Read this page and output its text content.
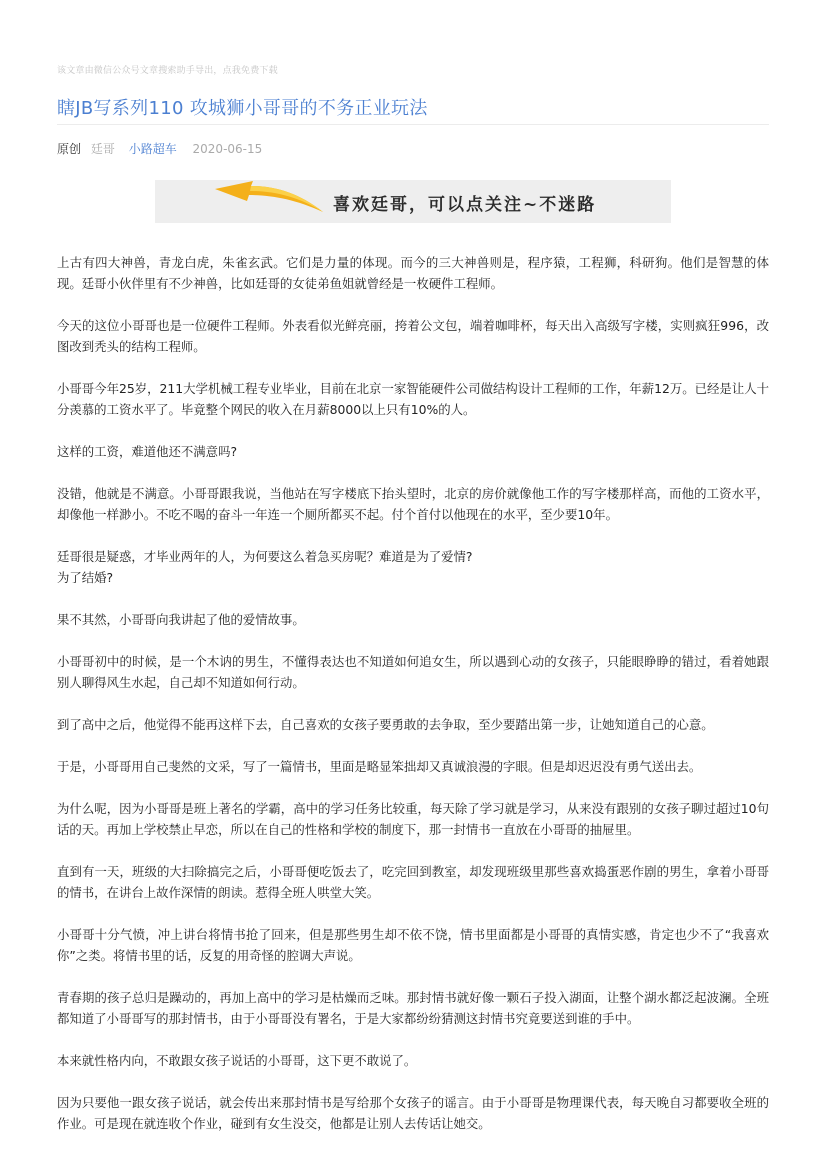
该文章由微信公众号文章搜索助手导出，点我免费下载
瞎JB写系列110 攻城狮小哥哥的不务正业玩法
原创 廷哥 小路超车 2020-06-15
喜欢廷哥，可以点关注~不迷路

上古有四大神兽，青龙白虎，朱雀玄武。它们是力量的体现。而今的三大神兽则是，程序猿，工程狮，科研狗。他们是智慧的体现。廷哥小伙伴里有不少神兽，比如廷哥的女徒弟鱼姐就曾经是一枚硬件工程师。

今天的这位小哥哥也是一位硬件工程师。外表看似光鲜亮丽，挎着公文包，端着咖啡杯，每天出入高级写字楼，实则疯狂996，改图改到秃头的结构工程师。

小哥哥今年25岁，211大学机械工程专业毕业，目前在北京一家智能硬件公司做结构设计工程师的工作，年薪12万。已经是让人十分羡慕的工资水平了。毕竟整个网民的收入在月薪8000以上只有10%的人。

这样的工资，难道他还不满意吗?

没错，他就是不满意。小哥哥跟我说，当他站在写字楼底下抬头望时，北京的房价就像他工作的写字楼那样高，而他的工资水平，却像他一样渺小。不吃不喝的奋斗一年连一个厕所都买不起。付个首付以他现在的水平，至少要10年。

廷哥很是疑惑，才毕业两年的人，为何要这么着急买房呢？难道是为了爱情?
为了结婚?

果不其然，小哥哥向我讲起了他的爱情故事。

小哥哥初中的时候，是一个木讷的男生，不懂得表达也不知道如何追女生，所以遇到心动的女孩子，只能眼睁睁的错过，看着她跟别人聊得风生水起，自己却不知道如何行动。

到了高中之后，他觉得不能再这样下去，自己喜欢的女孩子要勇敢的去争取，至少要踏出第一步，让她知道自己的心意。

于是，小哥哥用自己斐然的文采，写了一篇情书，里面是略显笨拙却又真诚浪漫的字眼。但是却迟迟没有勇气送出去。

为什么呢，因为小哥哥是班上著名的学霸，高中的学习任务比较重，每天除了学习就是学习，从来没有跟别的女孩子聊过超过10句话的天。再加上学校禁止早恋，所以在自己的性格和学校的制度下，那一封情书一直放在小哥哥的抽屉里。

直到有一天，班级的大扫除搞完之后，小哥哥便吃饭去了，吃完回到教室，却发现班级里那些喜欢捣蛋恶作剧的男生，拿着小哥哥的情书，在讲台上故作深情的朗读。惹得全班人哄堂大笑。

小哥哥十分气愤，冲上讲台将情书抢了回来，但是那些男生却不依不饶，情书里面都是小哥哥的真情实感，肯定也少不了“我喜欢你”之类。将情书里的话，反复的用奇怪的腔调大声说。

青春期的孩子总归是躁动的，再加上高中的学习是枯燥而乏味。那封情书就好像一颗石子投入湖面，让整个湖水都泛起波澜。全班都知道了小哥哥写的那封情书，由于小哥哥没有署名，于是大家都纷纷猜测这封情书究竟要送到谁的手中。

本来就性格内向，不敢跟女孩子说话的小哥哥，这下更不敢说了。

因为只要他一跟女孩子说话，就会传出来那封情书是写给那个女孩子的谣言。由于小哥哥是物理课代表，每天晚自习都要收全班的作业。可是现在就连收个作业，碰到有女生没交，他都是让别人去传话让她交。
